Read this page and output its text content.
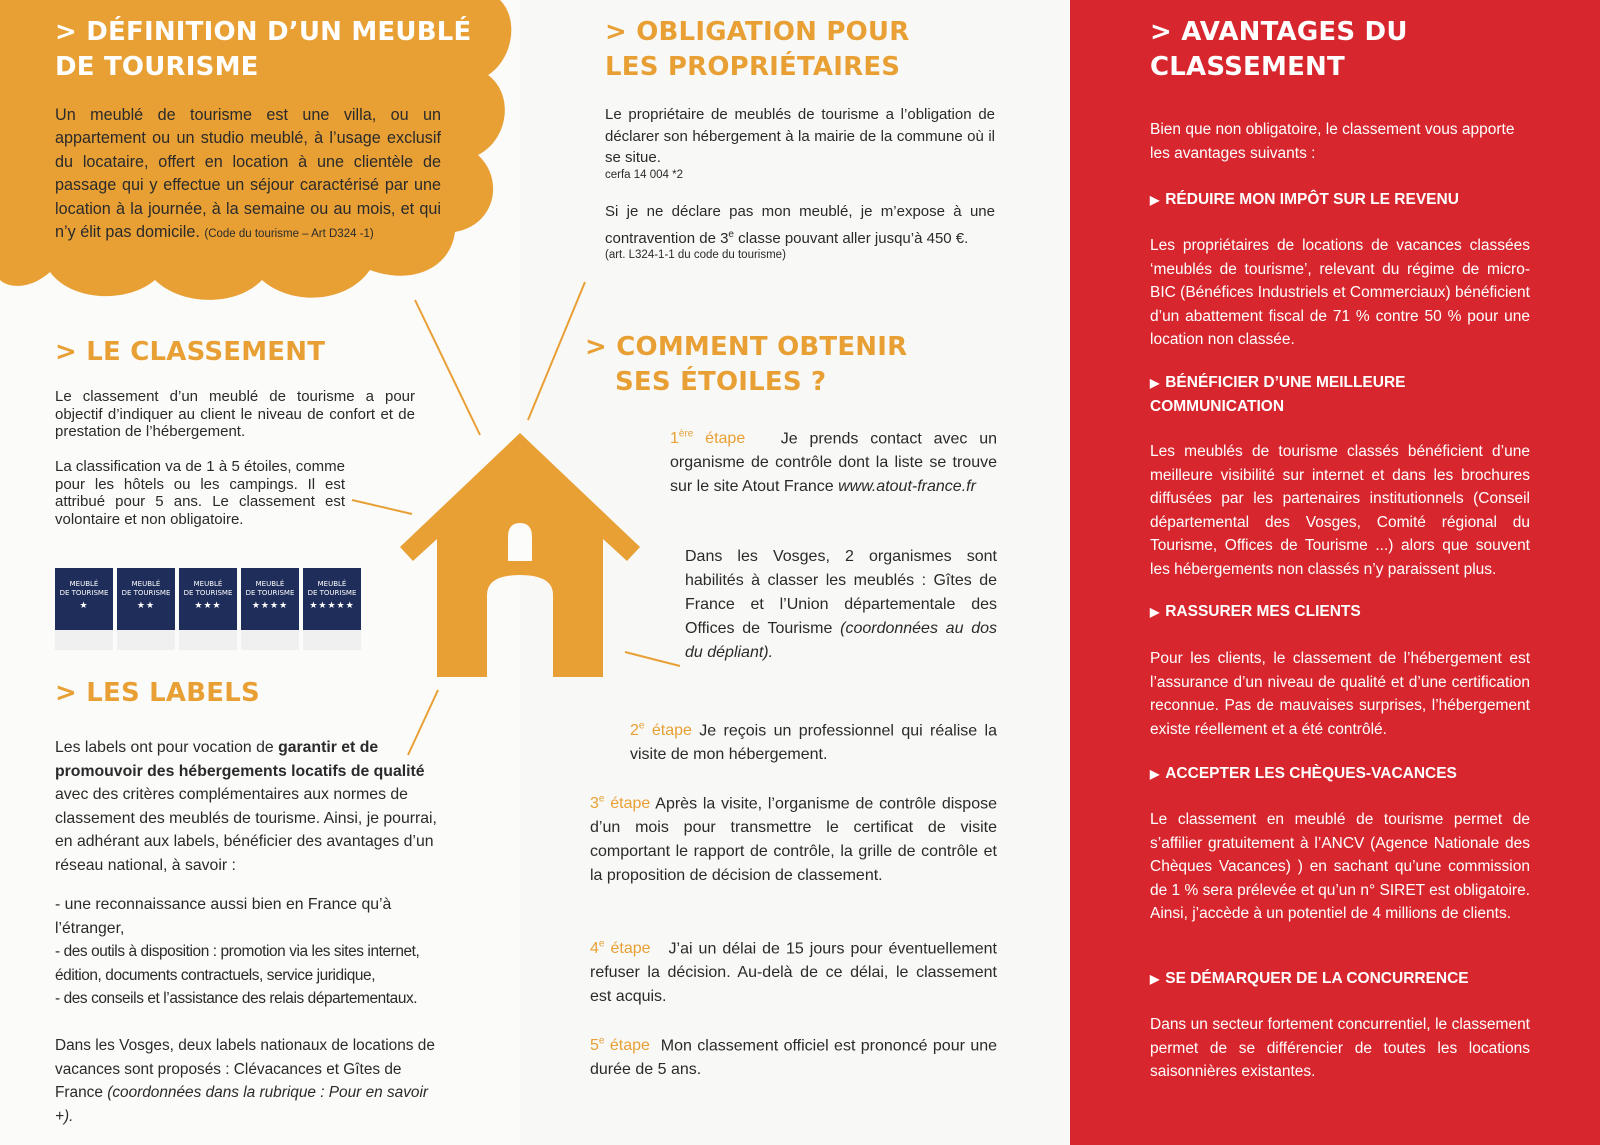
> DÉFINITION D’UN MEUBLÉ
DE TOURISME

Un meublé de tourisme est une villa, ou un appartement ou un studio meublé, à l’usage exclusif du locataire, offert en location à une clientèle de passage qui y effectue un séjour caractérisé par une location à la journée, à la semaine ou au mois, et qui n’y élit pas domicile. (Code du tourisme – Art D324 -1)

> LE CLASSEMENT

Le classement d’un meublé de tourisme a pour objectif d’indiquer au client le niveau de confort et de prestation de l’hébergement.

La classification va de 1 à 5 étoiles, comme pour les hôtels ou les campings. Il est attribué pour 5 ans. Le classement est volontaire et non obligatoire.

MEUBLÉ
DE TOURISME
★
MEUBLÉ
DE TOURISME
★★
MEUBLÉ
DE TOURISME
★★★
MEUBLÉ
DE TOURISME
★★★★
MEUBLÉ
DE TOURISME
★★★★★
> LES LABELS

Les labels ont pour vocation de garantir et de promouvoir des hébergements locatifs de qualité avec des critères complémentaires aux normes de classement des meublés de tourisme. Ainsi, je pourrai, en adhérant aux labels, bénéficier des avantages d’un réseau national, à savoir :

- une reconnaissance aussi bien en France qu’à l’étranger,

- des outils à disposition : promotion via les sites internet, édition, documents contractuels, service juridique,

- des conseils et l’assistance des relais départementaux.

Dans les Vosges, deux labels nationaux de locations de vacances sont proposés : Clévacances et Gîtes de France (coordonnées dans la rubrique : Pour en savoir +).

> OBLIGATION POUR
LES PROPRIÉTAIRES

Le propriétaire de meublés de tourisme a l’obligation de déclarer son hébergement à la mairie de la commune où il se situe.

cerfa 14 004 *2

Si je ne déclare pas mon meublé, je m’expose à une contravention de 3e classe pouvant aller jusqu’à 450 €.

(art. L324-1-1 du code du tourisme)

> COMMENT OBTENIR
SES ÉTOILES ?

1ère étape Je prends contact avec un organisme de contrôle dont la liste se trouve sur le site Atout France www.atout-france.fr

Dans les Vosges, 2 organismes sont habilités à classer les meublés : Gîtes de France et l’Union départementale des Offices de Tourisme (coordonnées au dos du dépliant).

2e étape Je reçois un professionnel qui réalise la visite de mon hébergement.

3e étape Après la visite, l’organisme de contrôle dispose d’un mois pour transmettre le certificat de visite comportant le rapport de contrôle, la grille de contrôle et la proposition de décision de classement.

4e étape J’ai un délai de 15 jours pour éventuellement refuser la décision. Au-delà de ce délai, le classement est acquis.

5e étape Mon classement officiel est prononcé pour une durée de 5 ans.

> AVANTAGES DU
CLASSEMENT

Bien que non obligatoire, le classement vous apporte les avantages suivants :

▶ RÉDUIRE MON IMPÔT SUR LE REVENU

Les propriétaires de locations de vacances classées ‘meublés de tourisme’, relevant du régime de micro-BIC (Bénéfices Industriels et Commerciaux) bénéficient d’un abattement fiscal de 71 % contre 50 % pour une location non classée.

▶ BÉNÉFICIER D’UNE MEILLEURE COMMUNICATION

Les meublés de tourisme classés bénéficient d’une meilleure visibilité sur internet et dans les brochures diffusées par les partenaires institutionnels (Conseil départemental des Vosges, Comité régional du Tourisme, Offices de Tourisme ...) alors que souvent les hébergements non classés n’y paraissent plus.

▶ RASSURER MES CLIENTS

Pour les clients, le classement de l’hébergement est l’assurance d’un niveau de qualité et d’une certification reconnue. Pas de mauvaises surprises, l’hébergement existe réellement et a été contrôlé.

▶ ACCEPTER LES CHÈQUES-VACANCES

Le classement en meublé de tourisme permet de s’affilier gratuitement à l’ANCV (Agence Nationale des Chèques Vacances) ) en sachant qu’une commission de 1 % sera prélevée et qu’un n° SIRET est obligatoire. Ainsi, j’accède à un potentiel de 4 millions de clients.

▶ SE DÉMARQUER DE LA CONCURRENCE

Dans un secteur fortement concurrentiel, le classement permet de se différencier de toutes les locations saisonnières existantes.
